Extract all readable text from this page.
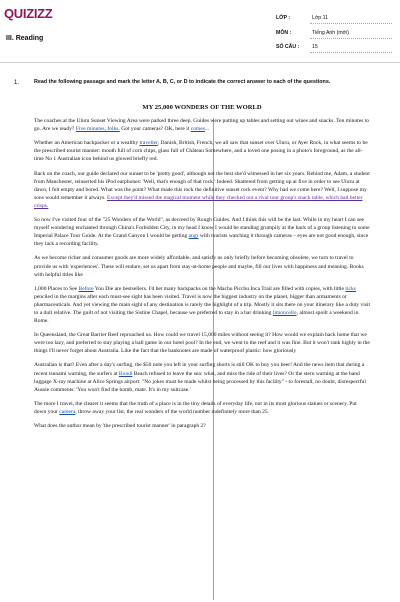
QUIZIZZ
III. Reading
LỚP :	Lớp 11
MÔN :	Tiếng Anh (mới)
SỐ CÂU : 15
1.	Read the following passage and mark the letter A, B, C, or D to indicate the correct answer to each of the questions.
MY 25,000 WONDERS OF THE WORLD

The coaches at the Uluru Sunset Viewing Area were parked three deep. Guides were putting up tables and setting out wines and snacks. Ten minutes to go. Are we ready? Five minutes, folks. Got your cameras? OK, here it comes...

Whether an American backpacker or a wealthy traveller, Danish, British, French, we all saw that sunset over Uluru, or Ayer Rock, in what seems to be the prescribed tourist manner: mouth full of corn chips, glass full of Château Somewhere, and a loved one posing in a photo's foreground, as the all-time No 1 Australian icon behind us glowed briefly red.

Back on the coach, our guide declared our sunset to be 'pretty good', although not the best she'd witnessed in her six years. Behind me, Adam, a student from Manchester, reinserted his iPod earphones: 'Well, that's enough of that rock.' Indeed. Shattered from getting up at five in order to see Uluru at dawn, I felt empty and bored. What was the point? What made this rock the definitive sunset rock event? Why had we come here? Well, I suppose my sons would remember it always. Except they'd missed the magical moment while they checked out a rival tour group's snack table, which had better crisps.

So now I've visited four of the "25 Wonders of the World", as decreed by Rough Guides. And I think this will be the last. While in my heart I can see myself wondering enchanted through China's Forbidden City, in my head I know I would be standing grumpily at the back of a group listening to some Imperial Palace Tour Guide. At the Grand Canyon I would be getting angr with tourists watching it through cameras – eyes are not good enough, since they lack a recording facility.

As we become richer and consumer goods are more widely affordable, and satisfy us only briefly before becoming obsolete, we turn to travel to provide us with 'experiences'. These will endure, set us apart from stay-at-home people and maybe, fill our lives with happiness and meaning. Books with helpful titles like

1,000 Places to See Before You Die are bestsellers. I'd bet many backpacks on the Machu Picchu Inca Trail are filled with copies, with little ticks penciled in the margins after each must-see sight has been visited. Travel is now the biggest industry on the planet, bigger than armaments or pharmaceuticals. And yet viewing the main sight of any destination is rarely the highlight of a trip. Mostly it sits there on your itinerary like a duty visit to a dull relative. The guilt of not visiting the Sistine Chapel, because we preferred to stay in a bar drinking limoncello, almost spoilt a weekend in Rome.

In Queensland, the Great Barrier Reef reproached us. How could we travel 15,000 miles without seeing it? How would we explain back home that we were too lazy, and preferred to stay playing a ball game in our hotel pool? In the end, we went to the reef and it was fine. But it won't rank highly in the things I'll never forget about Australia. Like the fact that the banknotes are made of waterproof plastic: how gloriously

Australian is that? Even after a day's surfing, the $50 note you left in your surfing shorts is still OK to buy you beer! And the news item that during a recent tsunami warning, the surfers at Bondi Beach refused to leave the sea: what, and miss the ride of their lives? Or the stern warning at the hand luggage X-ray machine at Alice Springs airport: "No jokes must be made whilst being processed by this facility" - to forestall, no doubt, disrespectful Aussie comments: 'You won't find the bomb, mate. It's in my suitcase.'

The more I travel, the clearer it seems that the truth of a place is in the tiny details of everyday life, not in its most glorious statues or scenery. Put down your camera, throw away your list, the real wonders of the world number indefinitely more than 25.

What does the author mean by 'the prescribed tourist manner' in paragraph 2?
